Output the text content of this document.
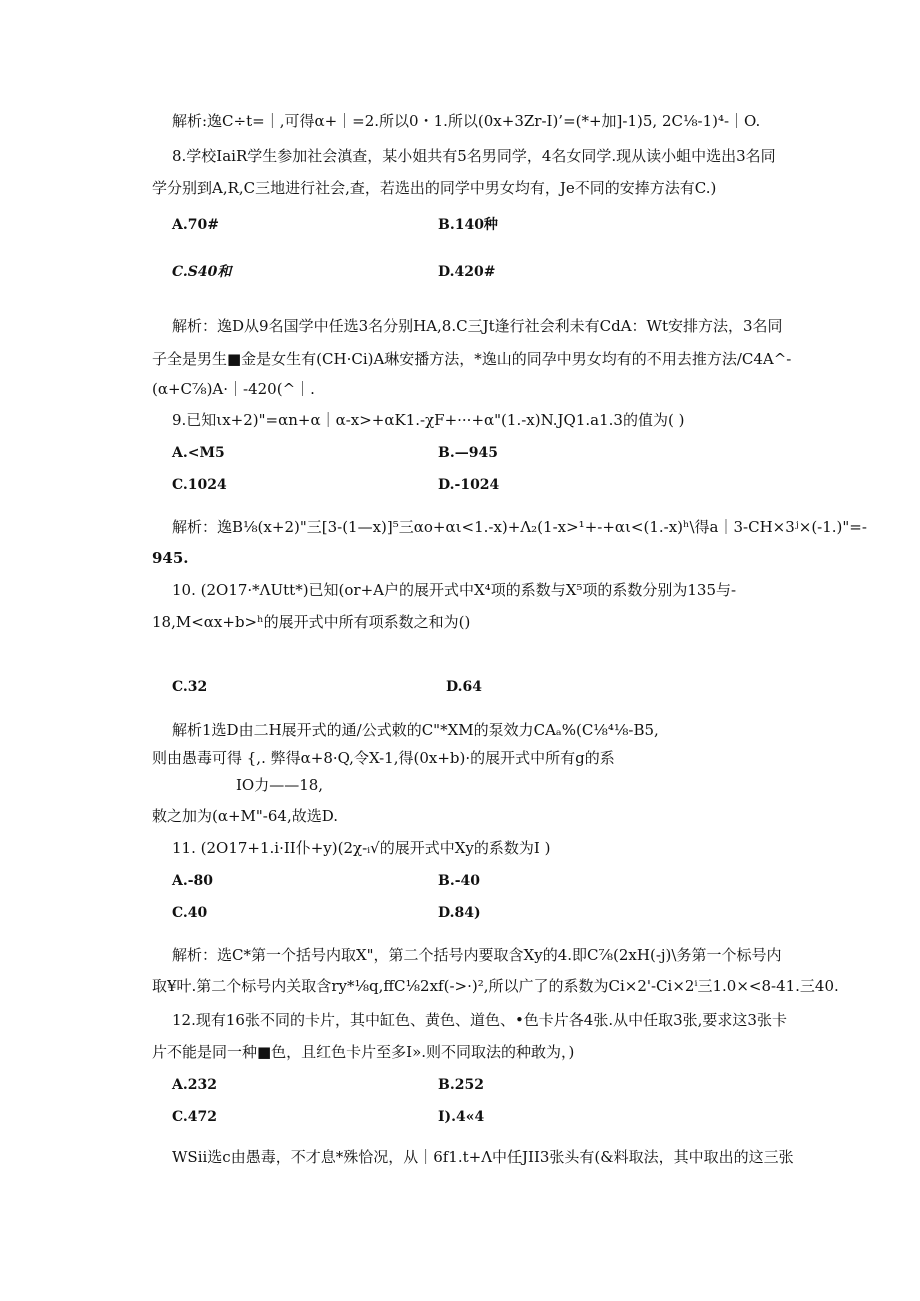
解析:逸C÷t=｜,可得α+｜=2.所以0・1.所以(0x+3Zr-I)’=(*+加]-1)5, 2C⅛-1)⁴-｜O.
8.学校IaiR学生参加社会滇查，某小姐共有5名男同学，4名女同学.现从读小蛆中选出3名同
学分别到A,R,C三地进行社会,查，若选出的同学中男女均有，Je不同的安捧方法有C.)
A.70#	B.140种
C.S40和	D.420#
解析：逸D从9名国学中任选3名分别HA,8.C三Jt逢行社会利未有CdA：Wt安排方法，3名同
子全是男生■金是女生有(CH·Ci)A琳安播方法，*逸山的同孕中男女均有的不用去推方法/C4A^-
(α+C⅞)A·｜-420(^｜.
9.已知ιx+2)"=αn+α｜α-x>+αK1.-χF+···+α"(1.-x)N.JQ1.a1.3的值为( )
A.<M5	B.—945
C.1024	D.-1024
解析：逸B⅛(x+2)"三[3-(1—x)]⁵三αo+αι<1.-x)+Λ₂(1-x>¹+-+αι<(1.-x)ʰ\得a｜3-CH×3ʲ×(-1.)"=-
945.
10. (2O17·*ΛUtt*)已知(or+A户的展开式中X⁴项的系数与X⁵项的系数分别为135与-
18,M<αx+b>ʰ的展开式中所有项系数之和为()
C.32	D.64
解析1选D由二H展开式的通/公式敕的C"*XM的泵效力CAₐ%(C⅛⁴⅛-B5,
则由愚毒可得 {,. 弊得α+8·Q,令X-1,得(0x+b)·的展开式中所有g的系
IO力——18,
敕之加为(α+M"-64,故选D.
11. (2O17+1.i·II仆+y)(2χ-ᵢ√的展开式中Xy的系数为I )
A.-80	B.-40
C.40	D.84)
解析：选C*第一个括号内取X"，第二个括号内要取含Xy的4.即C⅞(2xH(-j)\务第一个标号内
取¥叶.第二个标号内关取含ry*⅛q,ffC⅛2xf(->·)²,所以广了的系数为Ci×2'-Ci×2ⁱ三1.0×<8-41.三40.
12.现有16张不同的卡片，其中缸色、黄色、道色、•色卡片各4张.从中任取3张,要求这3张卡
片不能是同一种■色，且红色卡片至多I».则不同取法的种敢为，)
A.232	B.252
C.472	I).4«4
WSii选c由愚毒，不才息*殊恰况，从｜6f1.t+Λ中任JII3张头有(&料取法，其中取出的这三张
